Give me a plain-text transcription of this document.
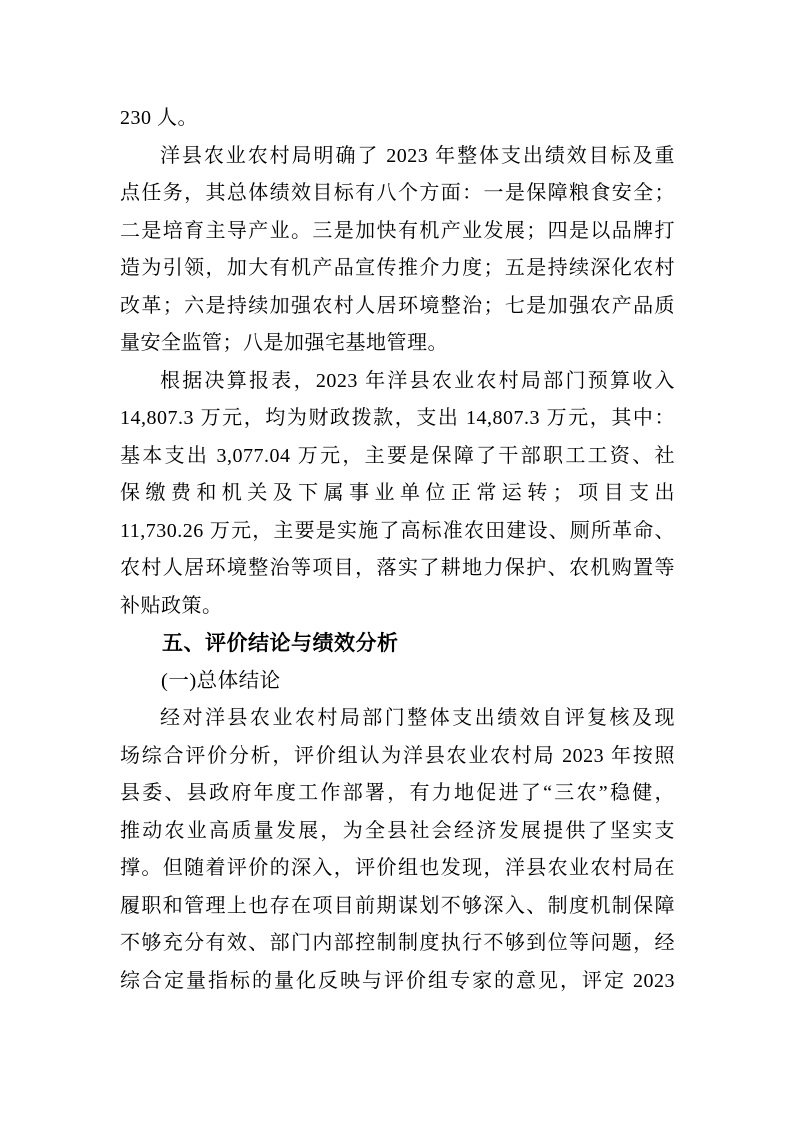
230 人。
洋县农业农村局明确了 2023 年整体支出绩效目标及重
点任务，其总体绩效目标有八个方面：一是保障粮食安全；
二是培育主导产业。三是加快有机产业发展；四是以品牌打
造为引领，加大有机产品宣传推介力度；五是持续深化农村
改革；六是持续加强农村人居环境整治；七是加强农产品质
量安全监管；八是加强宅基地管理。
根据决算报表，2023 年洋县农业农村局部门预算收入
14,807.3 万元，均为财政拨款，支出 14,807.3 万元，其中：
基本支出 3,077.04 万元，主要是保障了干部职工工资、社
保缴费和机关及下属事业单位正常运转；项目支出
11,730.26 万元，主要是实施了高标准农田建设、厕所革命、
农村人居环境整治等项目，落实了耕地力保护、农机购置等
补贴政策。
五、评价结论与绩效分析
(一)总体结论
经对洋县农业农村局部门整体支出绩效自评复核及现
场综合评价分析，评价组认为洋县农业农村局 2023 年按照
县委、县政府年度工作部署，有力地促进了“三农”稳健，
推动农业高质量发展，为全县社会经济发展提供了坚实支
撑。但随着评价的深入，评价组也发现，洋县农业农村局在
履职和管理上也存在项目前期谋划不够深入、制度机制保障
不够充分有效、部门内部控制制度执行不够到位等问题，经
综合定量指标的量化反映与评价组专家的意见，评定 2023
